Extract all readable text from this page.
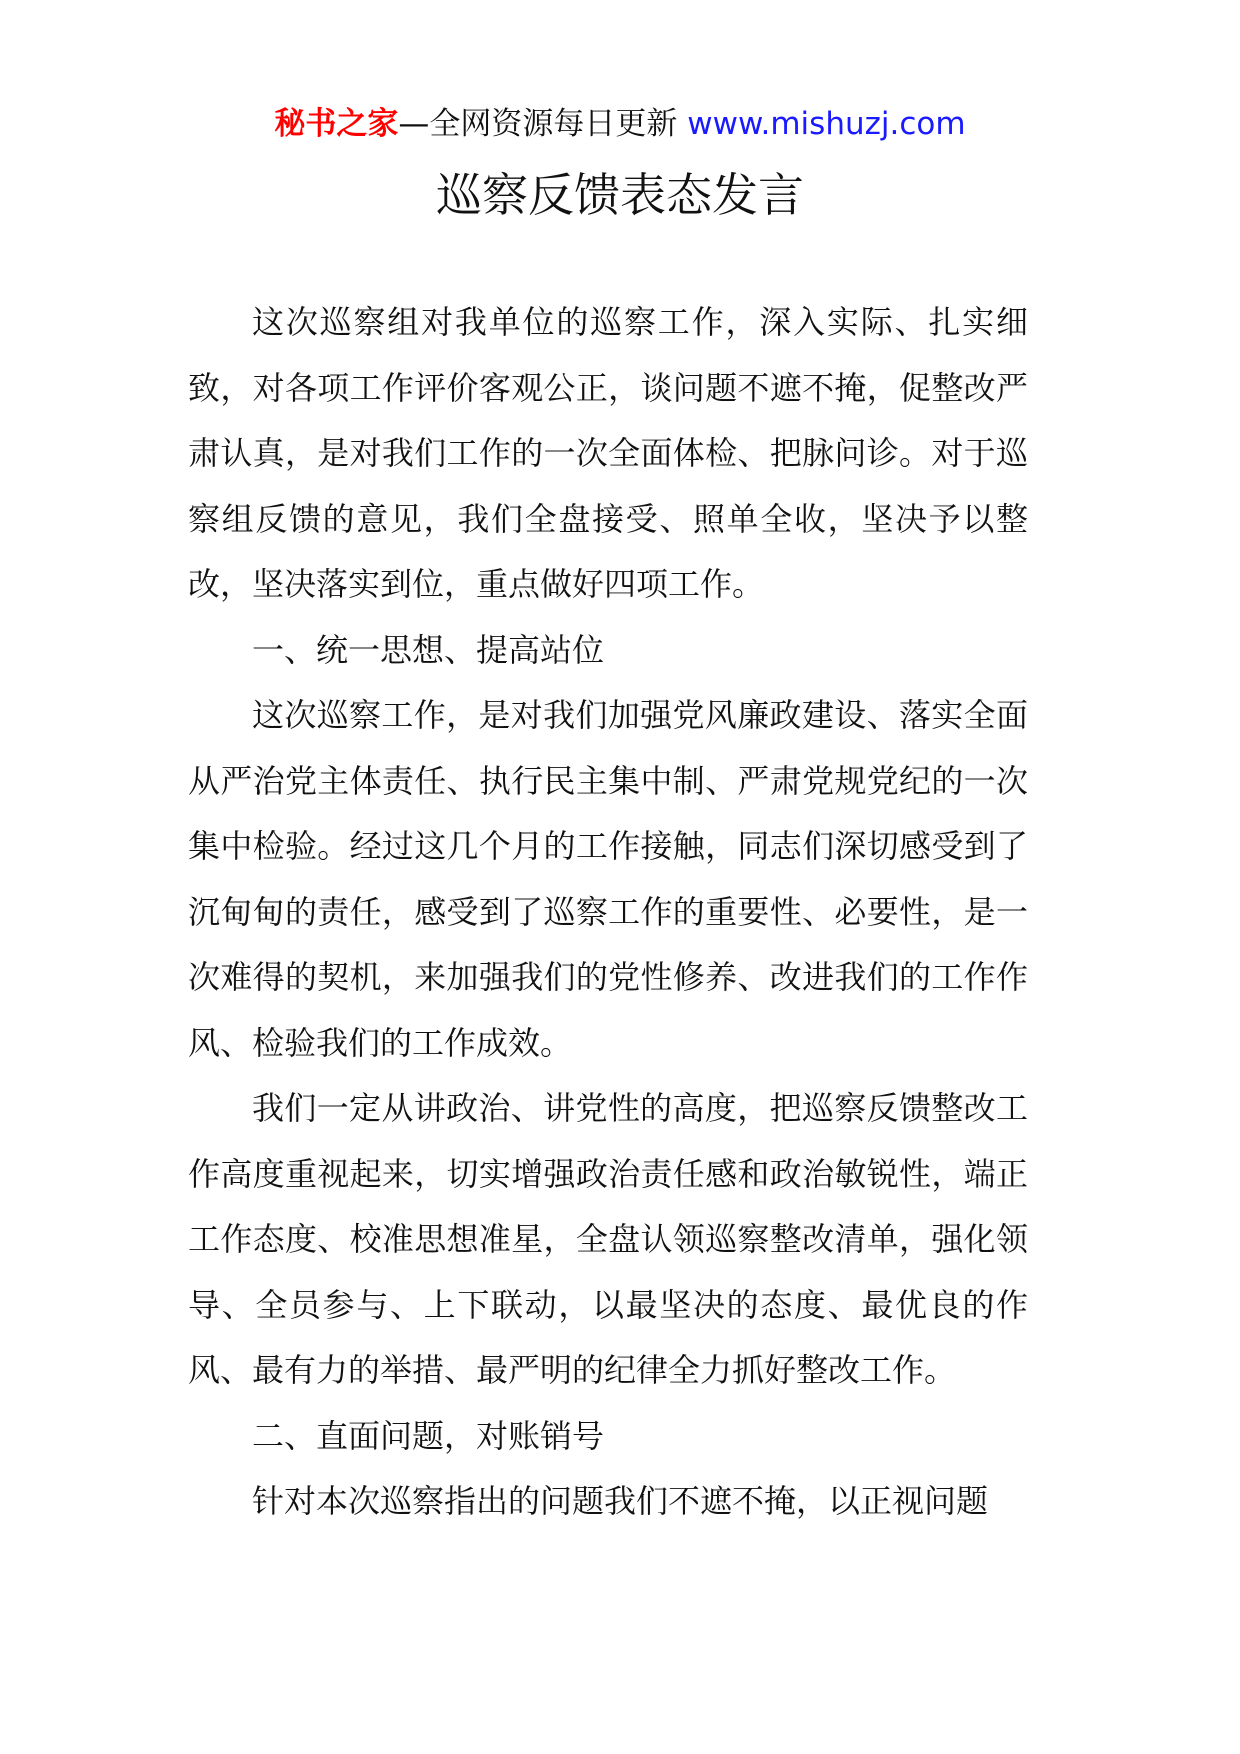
秘书之家—全网资源每日更新 www.mishuzj.com
巡察反馈表态发言

这次巡察组对我单位的巡察工作，深入实际、扎实细致，对各项工作评价客观公正，谈问题不遮不掩，促整改严肃认真，是对我们工作的一次全面体检、把脉问诊。对于巡察组反馈的意见，我们全盘接受、照单全收，坚决予以整改，坚决落实到位，重点做好四项工作。

一、统一思想、提高站位

这次巡察工作，是对我们加强党风廉政建设、落实全面从严治党主体责任、执行民主集中制、严肃党规党纪的一次集中检验。经过这几个月的工作接触，同志们深切感受到了沉甸甸的责任，感受到了巡察工作的重要性、必要性，是一次难得的契机，来加强我们的党性修养、改进我们的工作作风、检验我们的工作成效。

我们一定从讲政治、讲党性的高度，把巡察反馈整改工作高度重视起来，切实增强政治责任感和政治敏锐性，端正工作态度、校准思想准星，全盘认领巡察整改清单，强化领导、全员参与、上下联动，以最坚决的态度、最优良的作风、最有力的举措、最严明的纪律全力抓好整改工作。

二、直面问题，对账销号

针对本次巡察指出的问题我们不遮不掩，以正视问题
